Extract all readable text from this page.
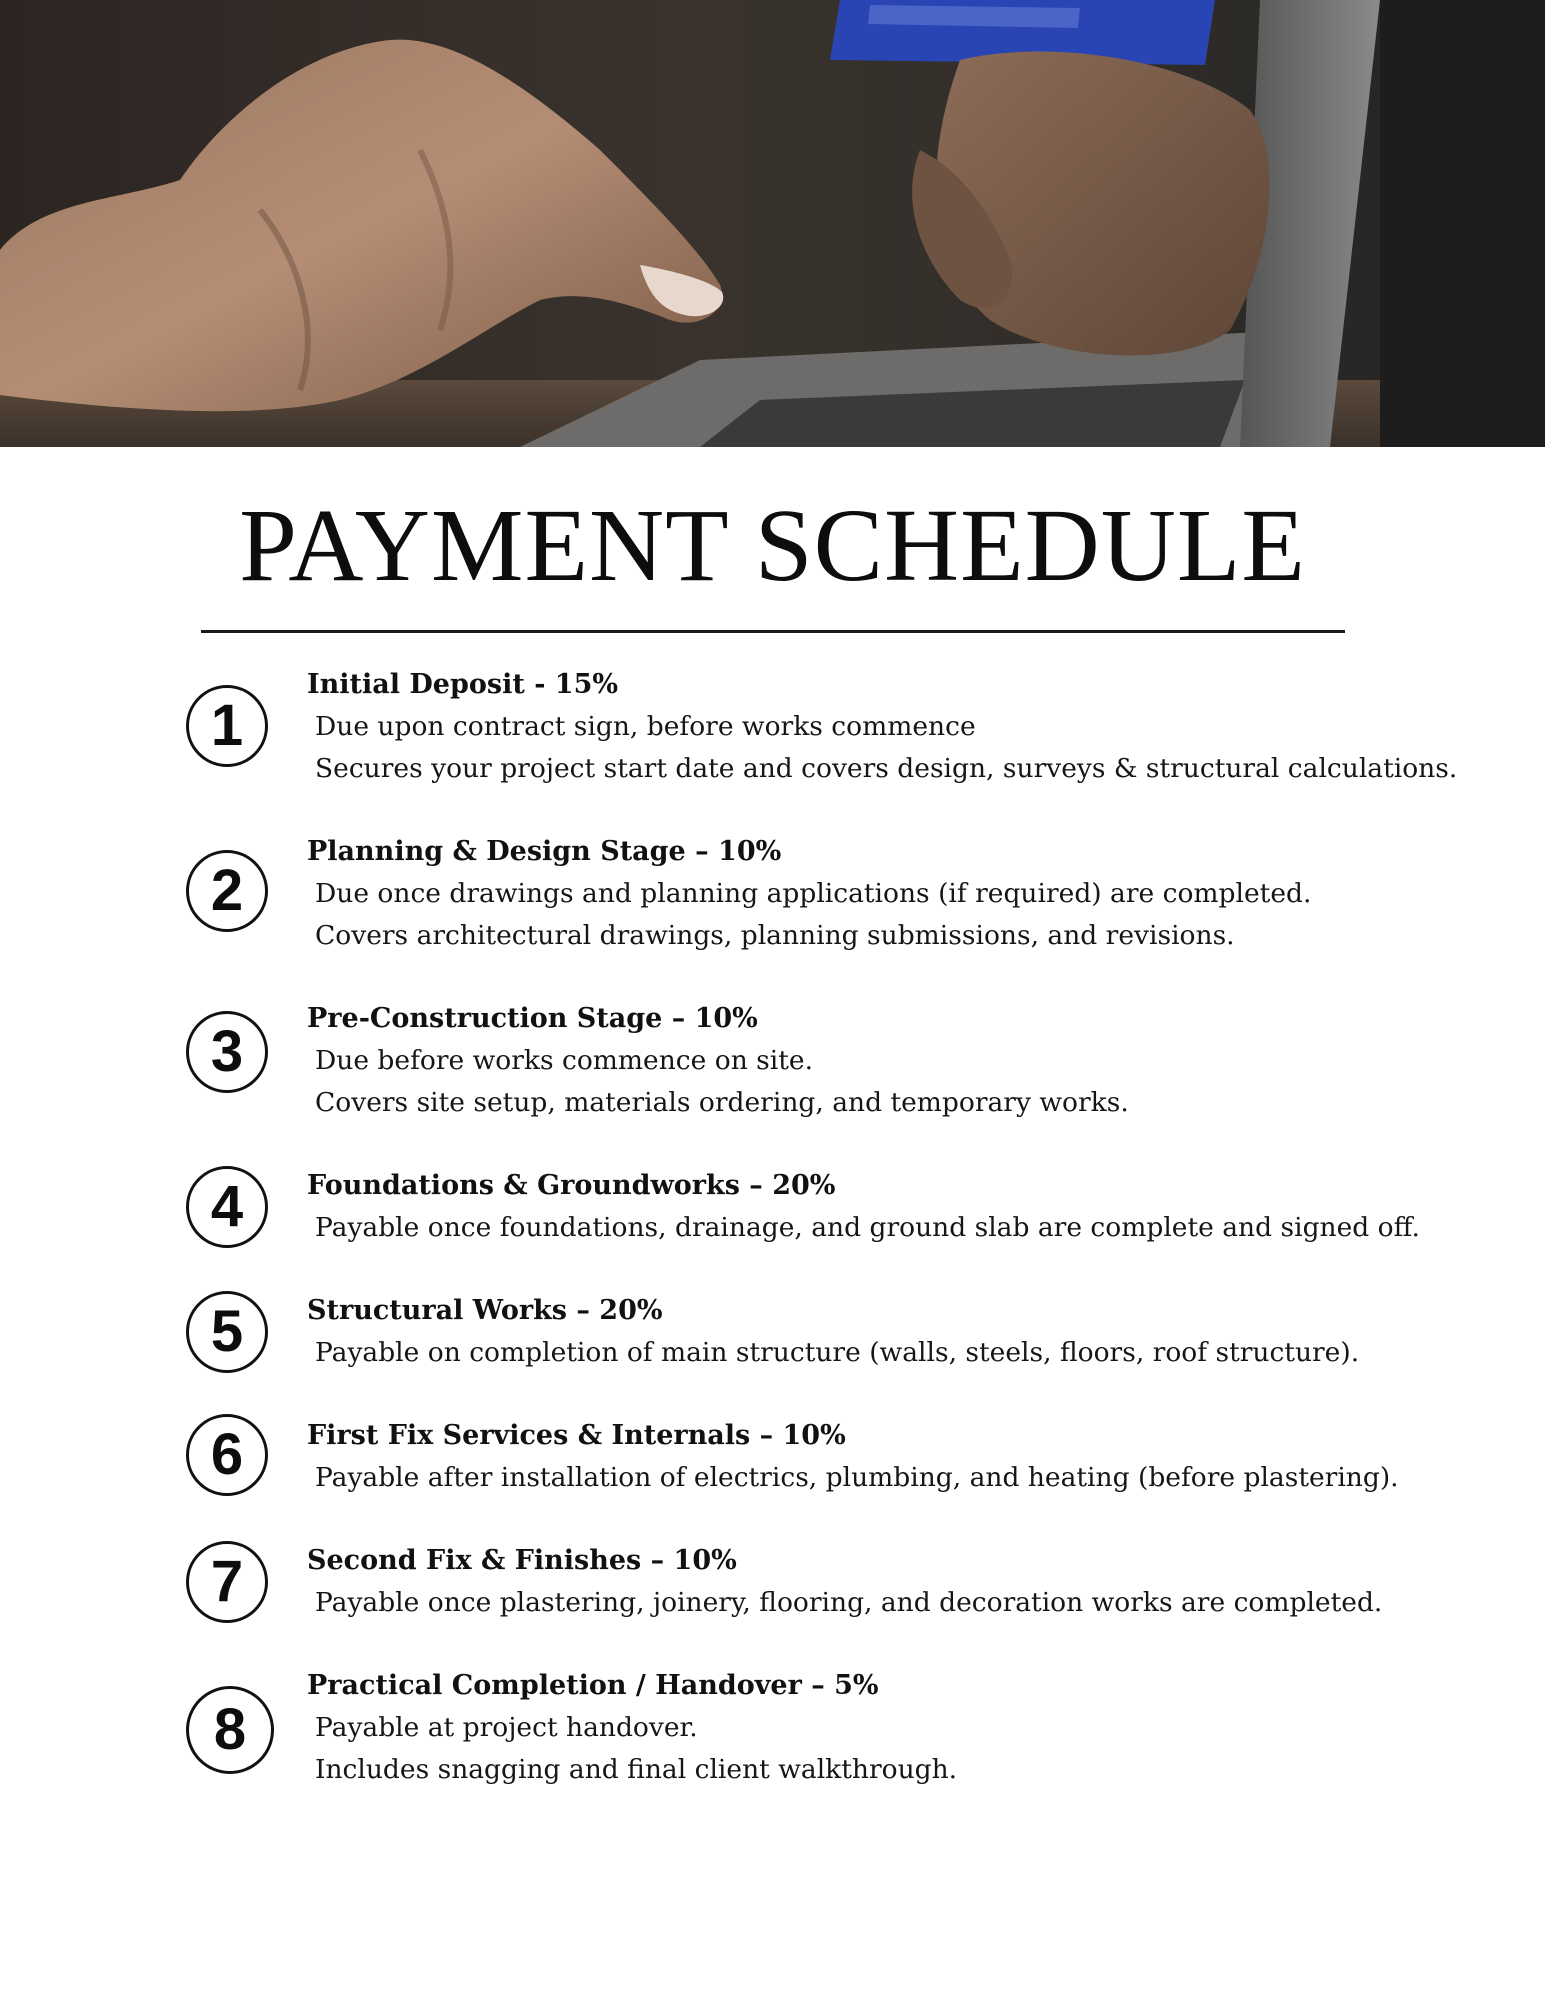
PAYMENT SCHEDULE
1

Initial Deposit - 15%

Due upon contract sign, before works commence

Secures your project start date and covers design, surveys & structural calculations.

2

Planning & Design Stage – 10%

Due once drawings and planning applications (if required) are completed.

Covers architectural drawings, planning submissions, and revisions.

3

Pre-Construction Stage – 10%

Due before works commence on site.

Covers site setup, materials ordering, and temporary works.

4	Foundations & Groundworks – 20%

Payable once foundations, drainage, and ground slab are complete and signed off.

5	Structural Works – 20%

Payable on completion of main structure (walls, steels, floors, roof structure).

6	First Fix Services & Internals – 10%

Payable after installation of electrics, plumbing, and heating (before plastering).

7	Second Fix & Finishes – 10%

Payable once plastering, joinery, flooring, and decoration works are completed.

8

Practical Completion / Handover – 5%

Payable at project handover.

Includes snagging and final client walkthrough.
